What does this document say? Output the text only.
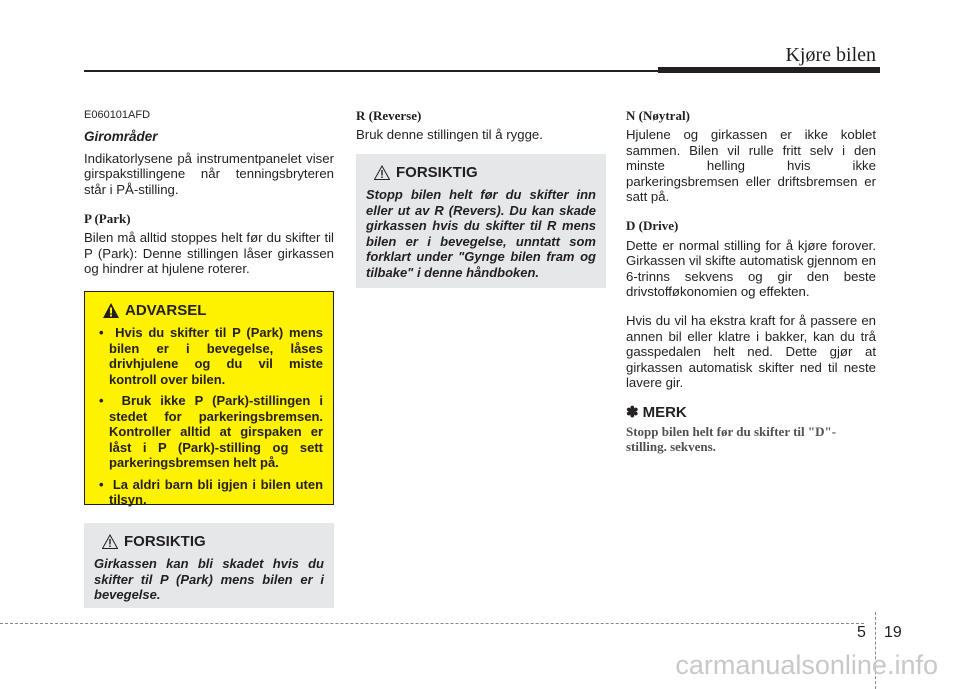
Kjøre bilen
E060101AFD
Girområder

Indikatorlysene på instrumentpanelet viser girspakstillingene når tenningsbryteren står i PÅ-stilling.

P (Park)

Bilen må alltid stoppes helt før du skifter til P (Park): Denne stillingen låser girkassen og hindrer at hjulene roterer.

ADVARSEL
•  Hvis du skifter til P (Park) mens bilen er i bevegelse, låses drivhjulene og du vil miste kontroll over bilen.
•  Bruk ikke P (Park)-stillingen i stedet for parkeringsbremsen. Kontroller alltid at girspaken er låst i P (Park)-stilling og sett parkeringsbremsen helt på.
•  La aldri barn bli igjen i bilen uten tilsyn.
FORSIKTIG
Girkassen kan bli skadet hvis du skifter til P (Park) mens bilen er i bevegelse.
R (Reverse)

Bruk denne stillingen til å rygge.

FORSIKTIG
Stopp bilen helt før du skifter inn eller ut av R (Revers). Du kan skade girkassen hvis du skifter til R mens bilen er i bevegelse, unntatt som forklart under "Gynge bilen fram og tilbake" i denne håndboken.
N (Nøytral)

Hjulene og girkassen er ikke koblet sammen. Bilen vil rulle fritt selv i den minste helling hvis ikke parkeringsbremsen eller driftsbremsen er satt på.

D (Drive)

Dette er normal stilling for å kjøre forover. Girkassen vil skifte automatisk gjennom en 6-trinns sekvens og gir den beste drivstofføkonomien og effekten.

Hvis du vil ha ekstra kraft for å passere en annen bil eller klatre i bakker, kan du trå gasspedalen helt ned. Dette gjør at girkassen automatisk skifter ned til neste lavere gir.

✽ MERK

Stopp bilen helt før du skifter til "D"-stilling. sekvens.

5 19
carmanualsonline.info
